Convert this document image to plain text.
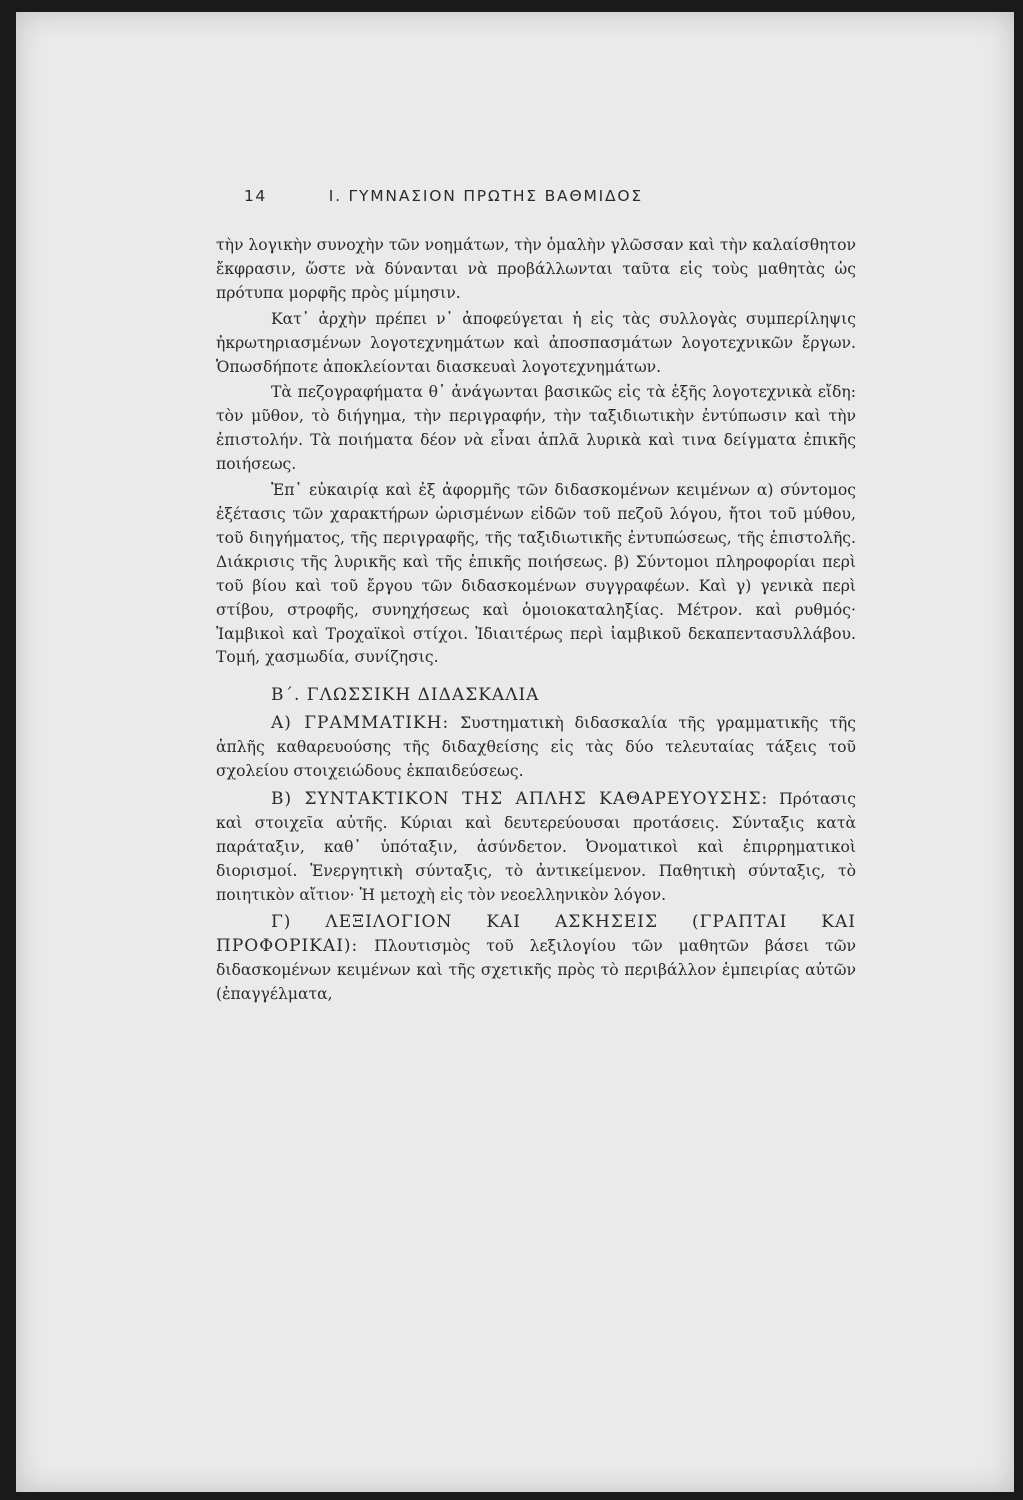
14	Ι. ΓΥΜΝΑΣΙΟΝ ΠΡΩΤΗΣ ΒΑΘΜΙΔΟΣ

τὴν λογικὴν συνοχὴν τῶν νοημάτων, τὴν ὁμαλὴν γλῶσσαν καὶ τὴν καλαίσθητον ἔκφρασιν, ὥστε νὰ δύνανται νὰ προβάλλωνται ταῦτα εἰς τοὺς μαθητὰς ὡς πρότυπα μορφῆς πρὸς μίμησιν.

Κατ᾽ ἀρχὴν πρέπει ν᾽ ἀποφεύγεται ἡ εἰς τὰς συλλογὰς συμπερίληψις ἠκρωτηριασμένων λογοτεχνημάτων καὶ ἀποσπασμάτων λογοτεχνικῶν ἔργων. Ὁπωσδήποτε ἀποκλείονται διασκευαὶ λογοτεχνημάτων.

Τὰ πεζογραφήματα θ᾽ ἀνάγωνται βασικῶς εἰς τὰ ἑξῆς λογοτεχνικὰ εἴδη: τὸν μῦθον, τὸ διήγημα, τὴν περιγραφήν, τὴν ταξιδιωτικὴν ἐντύπωσιν καὶ τὴν ἐπιστολήν. Τὰ ποιήματα δέον νὰ εἶναι ἁπλᾶ λυρικὰ καὶ τινα δείγματα ἐπικῆς ποιήσεως.

Ἐπ᾽ εὐκαιρίᾳ καὶ ἐξ ἀφορμῆς τῶν διδασκομένων κειμένων α) σύντομος ἐξέτασις τῶν χαρακτήρων ὡρισμένων εἰδῶν τοῦ πεζοῦ λόγου, ἤτοι τοῦ μύθου, τοῦ διηγήματος, τῆς περιγραφῆς, τῆς ταξιδιωτικῆς ἐντυπώσεως, τῆς ἐπιστολῆς. Διάκρισις τῆς λυρικῆς καὶ τῆς ἐπικῆς ποιήσεως. β) Σύντομοι πληροφορίαι περὶ τοῦ βίου καὶ τοῦ ἔργου τῶν διδασκομένων συγγραφέων. Καὶ γ) γενικὰ περὶ στίβου, στροφῆς, συνηχήσεως καὶ ὁμοιοκαταληξίας. Μέτρον. καὶ ρυθμός· Ἰαμβικοὶ καὶ Τροχαϊκοὶ στίχοι. Ἰδιαιτέρως περὶ ἰαμβικοῦ δεκαπεντασυλλάβου. Τομή, χασμωδία, συνίζησις.

Β΄. ΓΛΩΣΣΙΚΗ ΔΙΔΑΣΚΑΛΙΑ

Α) ΓΡΑΜΜΑΤΙΚΗ: Συστηματικὴ διδασκαλία τῆς γραμματικῆς τῆς ἁπλῆς καθαρευούσης τῆς διδαχθείσης εἰς τὰς δύο τελευταίας τάξεις τοῦ σχολείου στοιχειώδους ἐκπαιδεύσεως.

Β) ΣΥΝΤΑΚΤΙΚΟΝ ΤΗΣ ΑΠΛΗΣ ΚΑΘΑΡΕΥΟΥΣΗΣ: Πρότασις καὶ στοιχεῖα αὐτῆς. Κύριαι καὶ δευτερεύουσαι προτάσεις. Σύνταξις κατὰ παράταξιν, καθ᾽ ὑπόταξιν, ἀσύνδετον. Ὀνοματικοὶ καὶ ἐπιρρηματικοὶ διορισμοί. Ἐνεργητικὴ σύνταξις, τὸ ἀντικείμενον. Παθητικὴ σύνταξις, τὸ ποιητικὸν αἴτιον· Ἡ μετοχὴ εἰς τὸν νεοελληνικὸν λόγον.

Γ) ΛΕΞΙΛΟΓΙΟΝ ΚΑΙ ΑΣΚΗΣΕΙΣ (ΓΡΑΠΤΑΙ ΚΑΙ ΠΡΟΦΟΡΙΚΑΙ): Πλουτισμὸς τοῦ λεξιλογίου τῶν μαθητῶν βάσει τῶν διδασκομένων κειμένων καὶ τῆς σχετικῆς πρὸς τὸ περιβάλλον ἐμπειρίας αὐτῶν (ἐπαγγέλματα,
